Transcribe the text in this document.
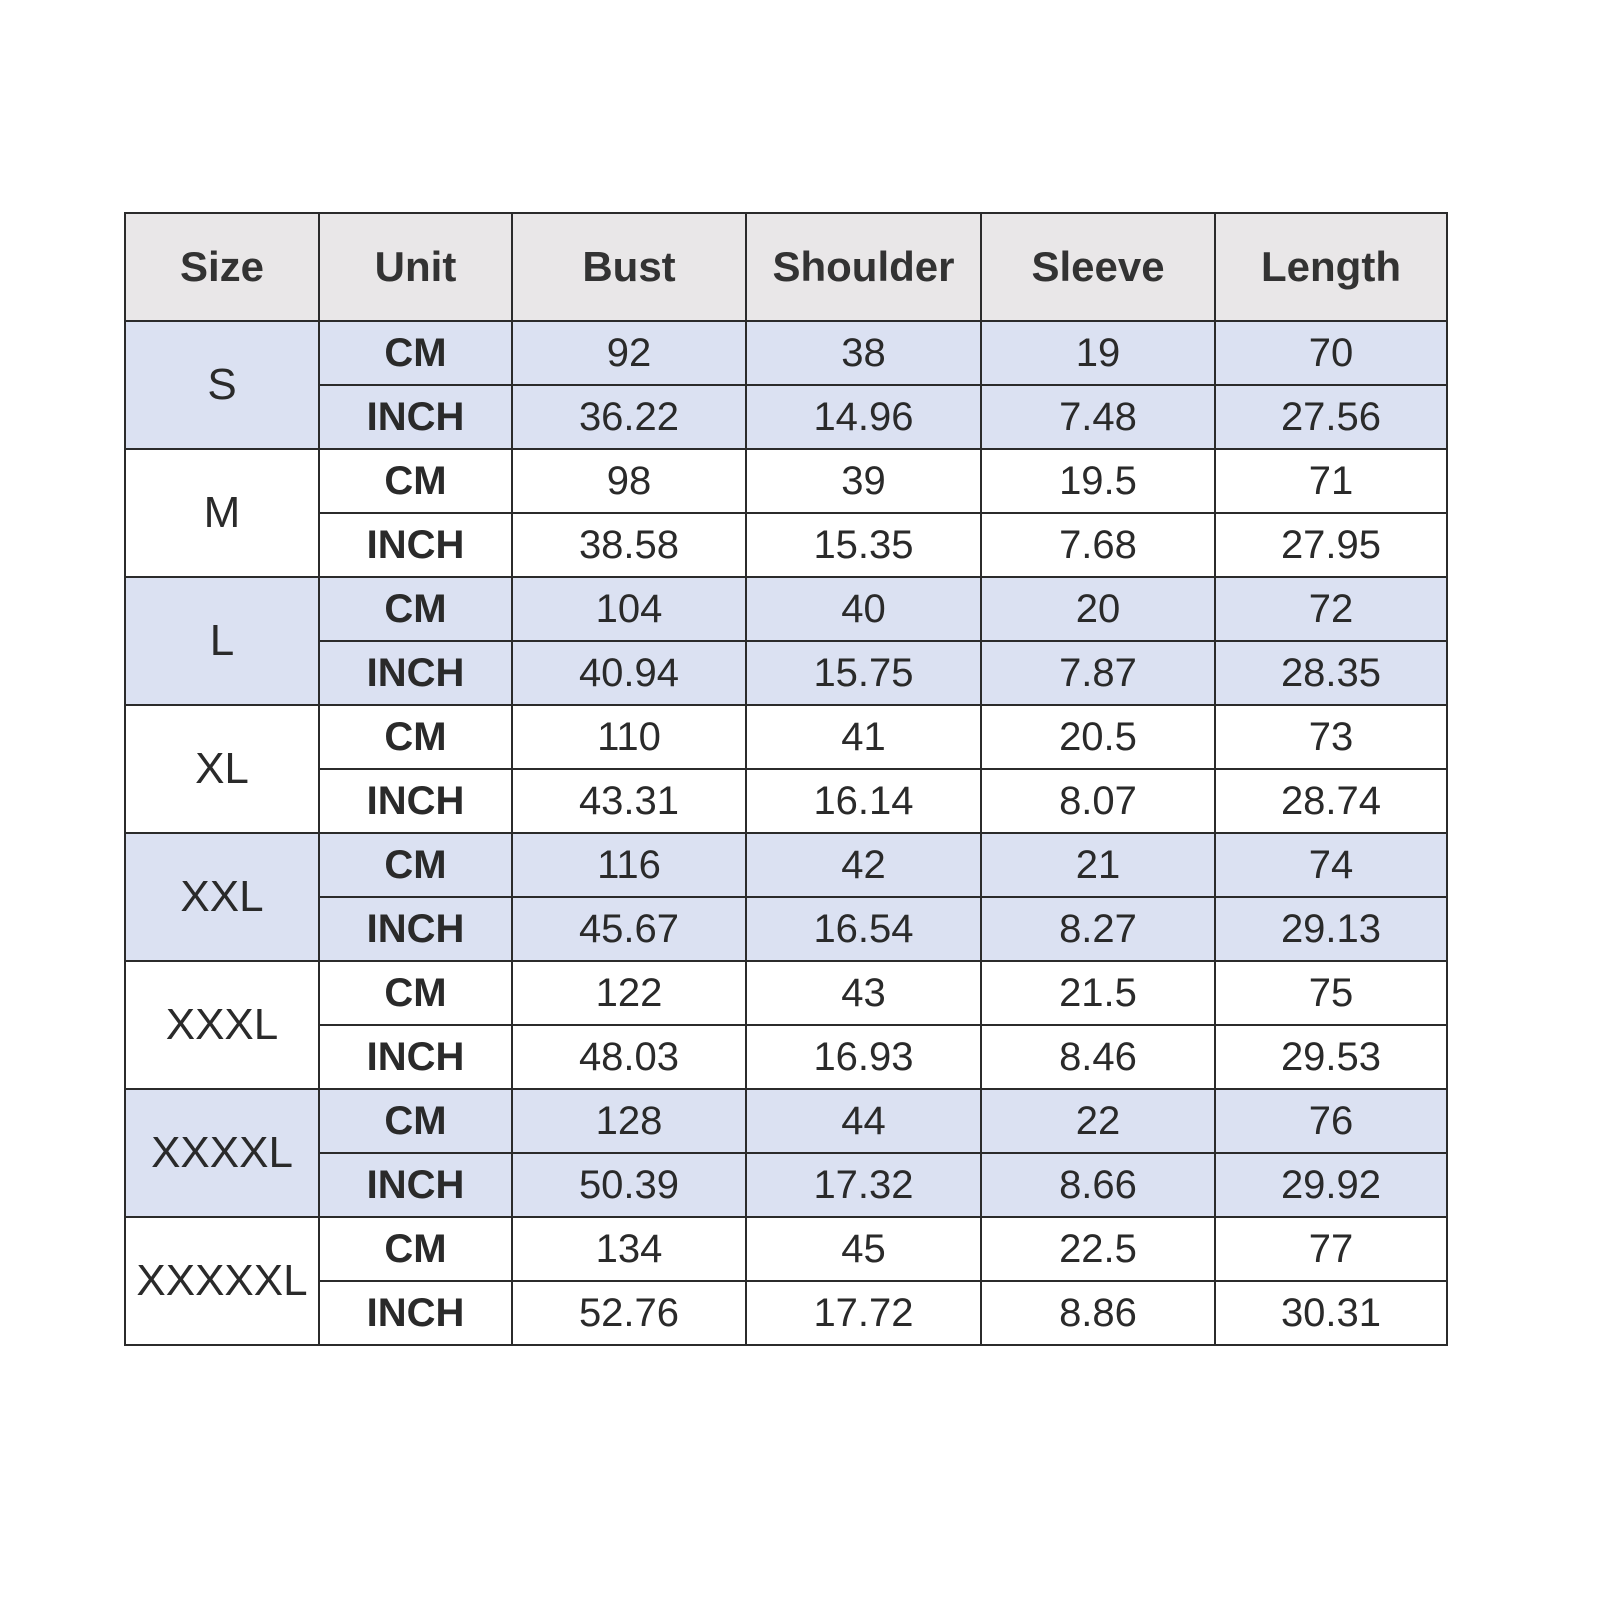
Size	Unit	Bust	Shoulder	Sleeve	Length
S	CM	92	38	19	70
	INCH	36.22	14.96	7.48	27.56
M	CM	98	39	19.5	71
	INCH	38.58	15.35	7.68	27.95
L	CM	104	40	20	72
	INCH	40.94	15.75	7.87	28.35
XL	CM	110	41	20.5	73
	INCH	43.31	16.14	8.07	28.74
XXL	CM	116	42	21	74
	INCH	45.67	16.54	8.27	29.13
XXXL	CM	122	43	21.5	75
	INCH	48.03	16.93	8.46	29.53
XXXXL	CM	128	44	22	76
	INCH	50.39	17.32	8.66	29.92
XXXXXL	CM	134	45	22.5	77
	INCH	52.76	17.72	8.86	30.31
